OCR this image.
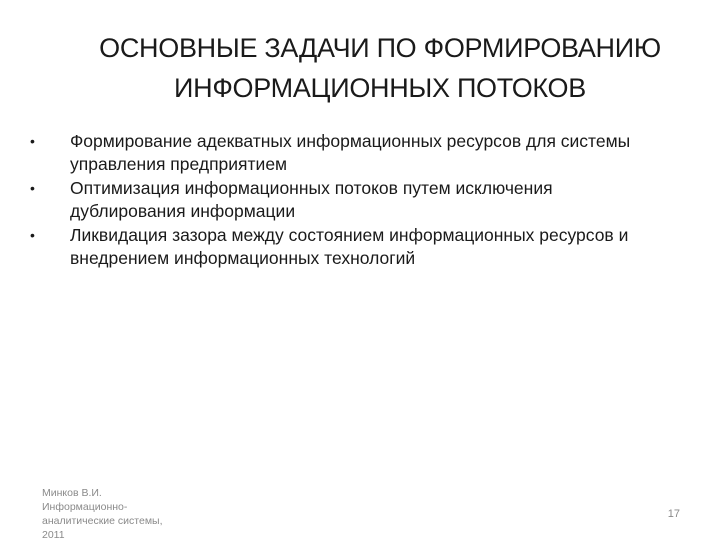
ОСНОВНЫЕ ЗАДАЧИ ПО ФОРМИРОВАНИЮ
ИНФОРМАЦИОННЫХ ПОТОКОВ
•	Формирование адекватных информационных ресурсов для системы управления предприятием
•	Оптимизация информационных потоков путем исключения дублирования информации
•	Ликвидация зазора между состоянием информационных ресурсов и внедрением информационных технологий
Минков В.И.
Информационно-
аналитические системы,
2011
17
